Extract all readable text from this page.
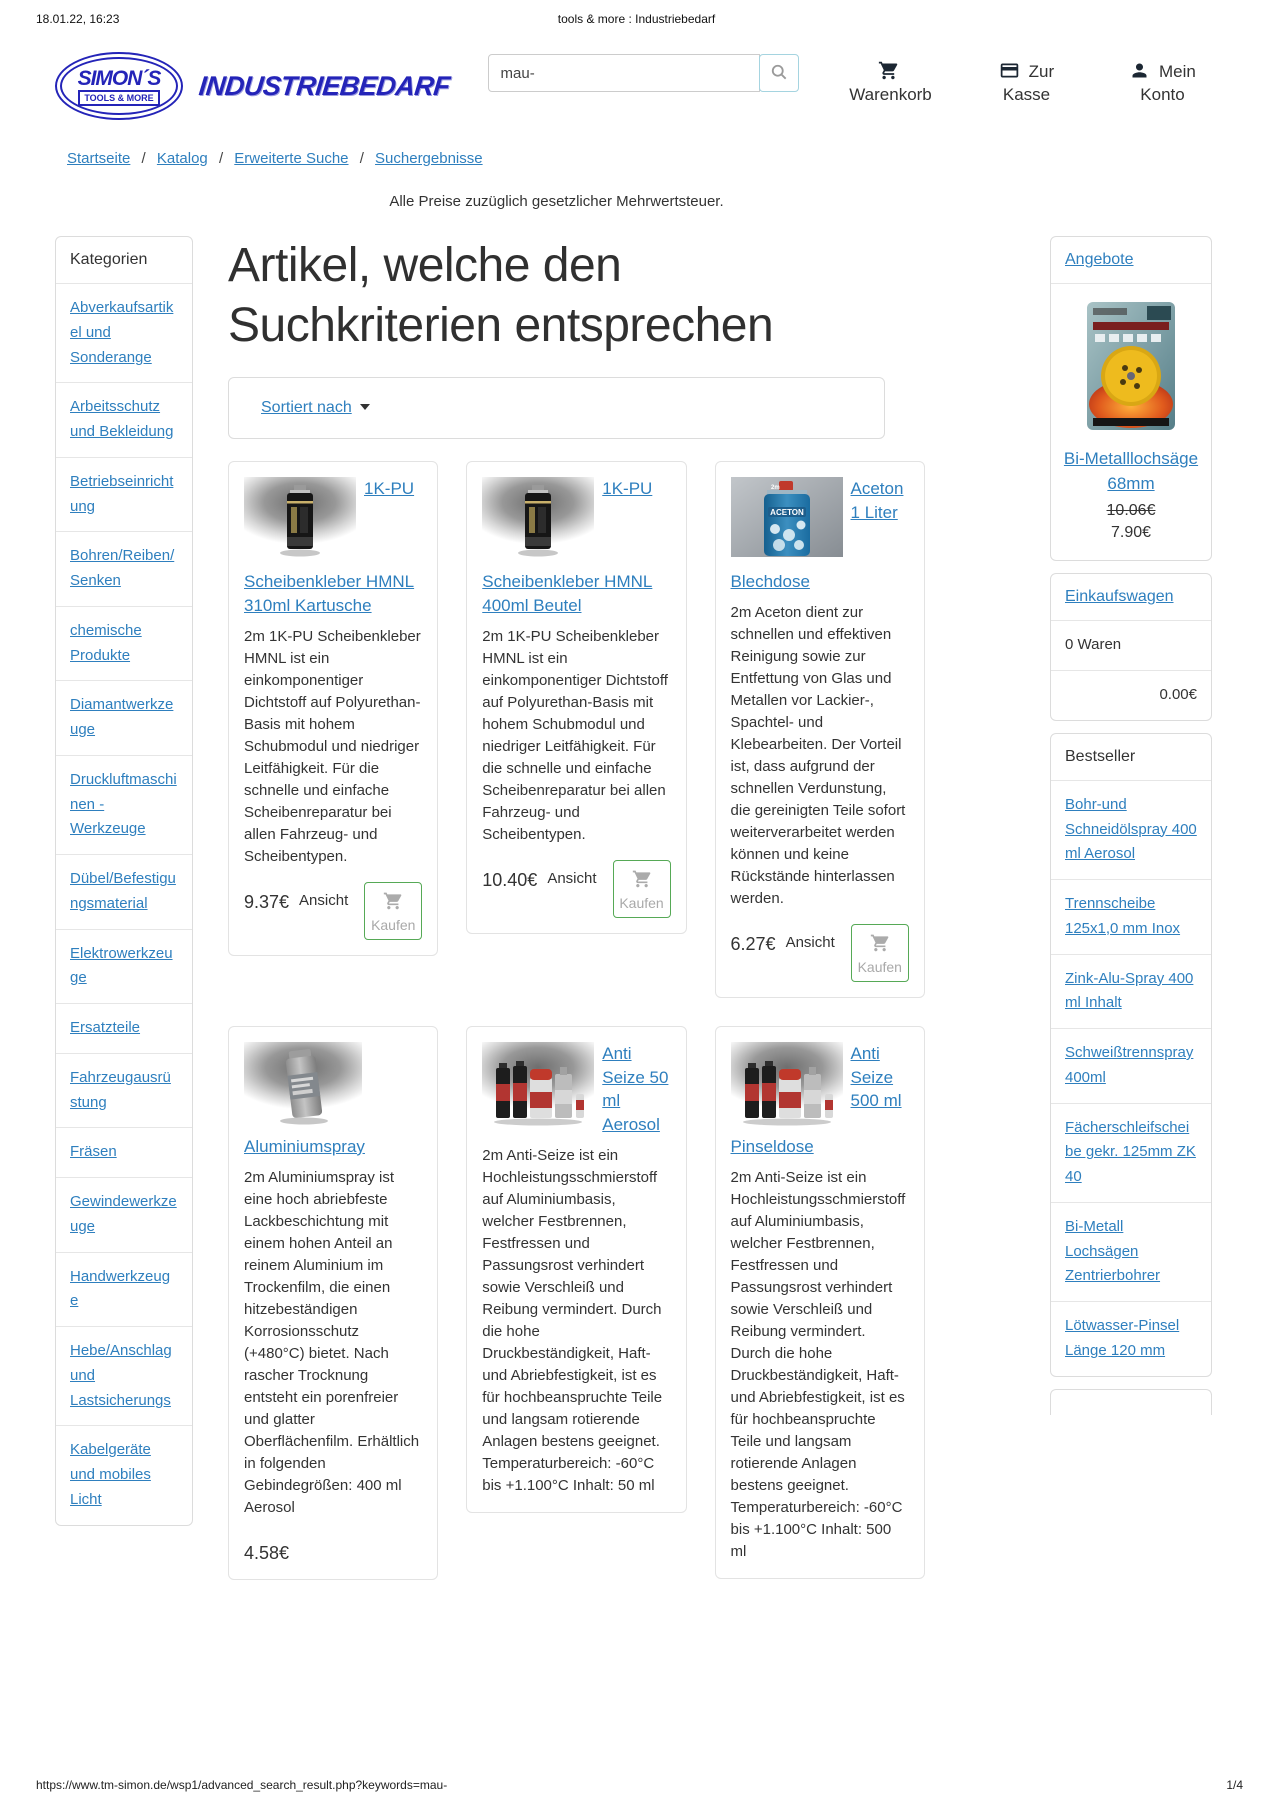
18.01.22, 16:23	tools & more : Industriebedarf
SIMON´S
TOOLS & MORE INDUSTRIEBEDARF
mau-	Warenkorb
Zur Kasse
Mein Konto
Startseite / Katalog / Erweiterte Suche / Suchergebnisse
Alle Preise zuzüglich gesetzlicher Mehrwertsteuer.
Kategorien
Abverkaufsartikel und Sonderange
Arbeitsschutz und Bekleidung
Betriebseinrichtung
Bohren/Reiben/Senken
chemische Produkte
Diamantwerkzeuge
Druckluftmaschinen - Werkzeuge
Dübel/Befestigungsmaterial
Elektrowerkzeuge
Ersatzteile
Fahrzeugausrüstung
Fräsen
Gewindewerkzeuge
Handwerkzeuge
Hebe/Anschlag und Lastsicherungs
Kabelgeräte und mobiles Licht
Artikel, welche den Suchkriterien entsprechen
Sortiert nach
1K-PU
Scheibenkleber HMNL 310ml Kartusche

2m 1K-PU Scheibenkleber HMNL ist ein einkomponentiger Dichtstoff auf Polyurethan-Basis mit hohem Schubmodul und niedriger Leitfähigkeit. Für die schnelle und einfache Scheibenreparatur bei allen Fahrzeug- und Scheibentypen.

9.37€ Ansicht
Kaufen
1K-PU
Scheibenkleber HMNL 400ml Beutel

2m 1K-PU Scheibenkleber HMNL ist ein einkomponentiger Dichtstoff auf Polyurethan-Basis mit hohem Schubmodul und niedriger Leitfähigkeit. Für die schnelle und einfache Scheibenreparatur bei allen Fahrzeug- und Scheibentypen.

10.40€ Ansicht
Kaufen
ACETON
2m	Aceton 1 Liter
Blechdose

2m Aceton dient zur schnellen und effektiven Reinigung sowie zur Entfettung von Glas und Metallen vor Lackier-, Spachtel- und Klebearbeiten. Der Vorteil ist, dass aufgrund der schnellen Verdunstung, die gereinigten Teile sofort weiterverarbeitet werden können und keine Rückstände hinterlassen werden.

6.27€ Ansicht
Kaufen
Aluminiumspray

2m Aluminiumspray ist eine hoch abriebfeste Lackbeschichtung mit einem hohen Anteil an reinem Aluminium im Trockenfilm, die einen hitzebeständigen Korrosionsschutz (+480°C) bietet. Nach rascher Trocknung entsteht ein porenfreier und glatter Oberflächenfilm. Erhältlich in folgenden Gebindegrößen: 400 ml Aerosol

4.58€
Anti Seize 50 ml Aerosol

2m Anti-Seize ist ein Hochleistungsschmierstoff auf Aluminiumbasis, welcher Festbrennen, Festfressen und Passungsrost verhindert sowie Verschleiß und Reibung vermindert. Durch die hohe Druckbeständigkeit, Haft- und Abriebfestigkeit, ist es für hochbeanspruchte Teile und langsam rotierende Anlagen bestens geeignet. Temperaturbereich: -60°C bis +1.100°C Inhalt: 50 ml

Anti Seize 500 ml
Pinseldose

2m Anti-Seize ist ein Hochleistungsschmierstoff auf Aluminiumbasis, welcher Festbrennen, Festfressen und Passungsrost verhindert sowie Verschleiß und Reibung vermindert. Durch die hohe Druckbeständigkeit, Haft- und Abriebfestigkeit, ist es für hochbeanspruchte Teile und langsam rotierende Anlagen bestens geeignet. Temperaturbereich: -60°C bis +1.100°C Inhalt: 500 ml

Angebote
Bi-Metalllochsäge 68mm
10.06€
7.90€
Einkaufswagen
0 Waren
0.00€
Bestseller
Bohr-und Schneidölspray 400 ml Aerosol
Trennscheibe 125x1,0 mm Inox
Zink-Alu-Spray 400 ml Inhalt
Schweißtrennspray 400ml
Fächerschleifscheibe gekr. 125mm ZK 40
Bi-Metall Lochsägen Zentrierbohrer
Lötwasser-Pinsel Länge 120 mm
https://www.tm-simon.de/wsp1/advanced_search_result.php?keywords=mau-	1/4
